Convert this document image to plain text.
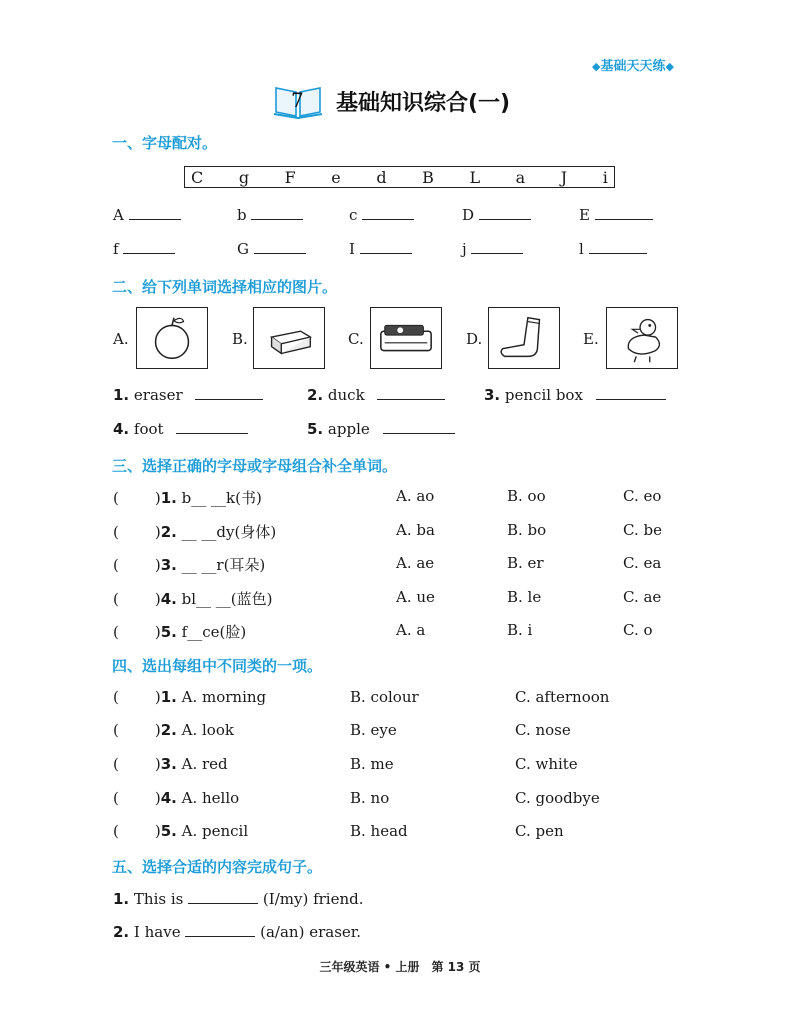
◆基础天天练◆
7 基础知识综合(一)
一、字母配对。
C g F e d B L a J i
A	b	c	D	E
f	G	I	j	l
二、给下列单词选择相应的图片。
A.	B.	C.	D.	E.
1. eraser	2. duck	3. pencil box
4. foot	5. apple
三、选择正确的字母或字母组合补全单词。
( )1. b__ __k(书)	A. ao	B. oo	C. eo
( )2. __ __dy(身体)	A. ba	B. bo	C. be
( )3. __ __r(耳朵)	A. ae	B. er	C. ea
( )4. bl__ __(蓝色)	A. ue	B. le	C. ae
( )5. f__ce(脸)	A. a	B. i	C. o
四、选出每组中不同类的一项。
( )1. A. morning	B. colour	C. afternoon
( )2. A. look	B. eye	C. nose
( )3. A. red	B. me	C. white
( )4. A. hello	B. no	C. goodbye
( )5. A. pencil	B. head	C. pen
五、选择合适的内容完成句子。
1. This is	(I/my) friend.
2. I have	(a/an) eraser.
三年级英语 • 上册　第 13 页
